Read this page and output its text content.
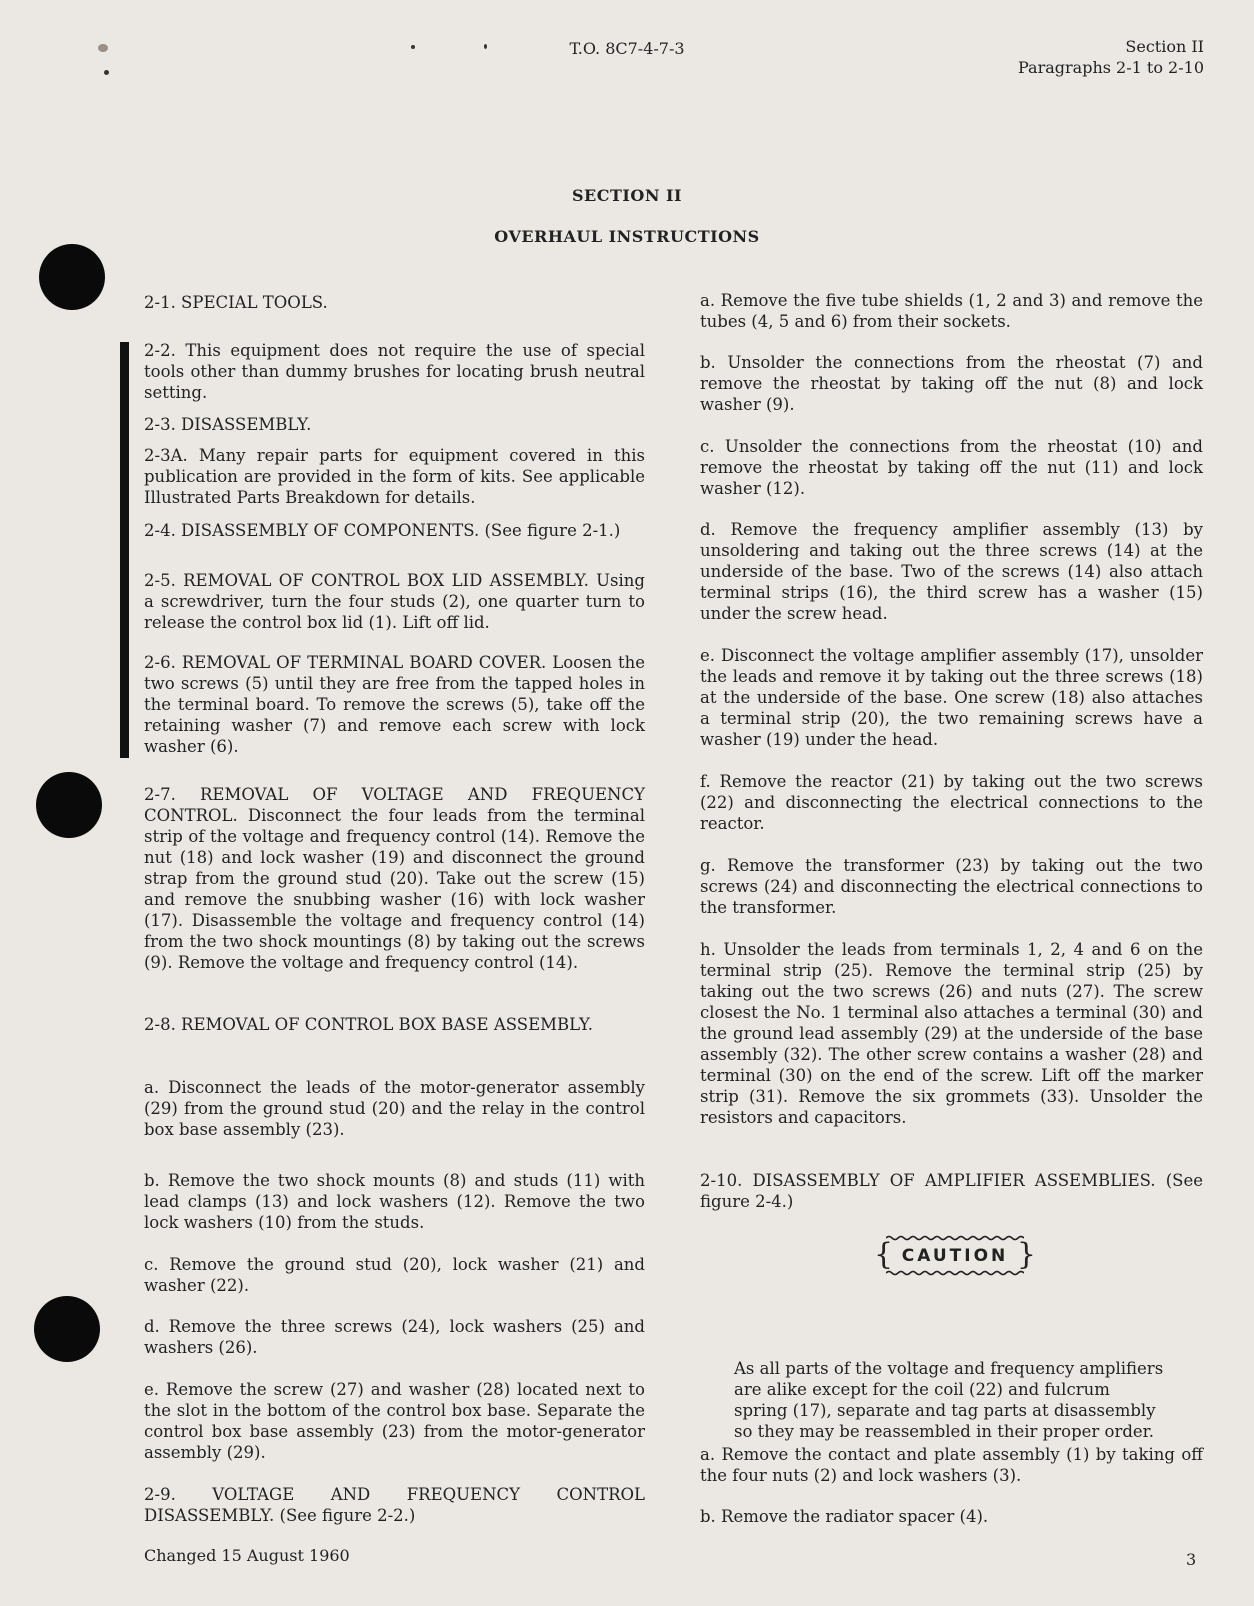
T.O. 8C7-4-7-3	Section II
Paragraphs 2-1 to 2-10
SECTION II
OVERHAUL INSTRUCTIONS

2-1. SPECIAL TOOLS.

2-2. This equipment does not require the use of special tools other than dummy brushes for locating brush neutral setting.

2-3. DISASSEMBLY.

2-3A. Many repair parts for equipment covered in this publication are provided in the form of kits. See applicable Illustrated Parts Breakdown for details.

2-4. DISASSEMBLY OF COMPONENTS. (See figure 2-1.)

2-5. REMOVAL OF CONTROL BOX LID ASSEMBLY. Using a screwdriver, turn the four studs (2), one quarter turn to release the control box lid (1). Lift off lid.

2-6. REMOVAL OF TERMINAL BOARD COVER. Loosen the two screws (5) until they are free from the tapped holes in the terminal board. To remove the screws (5), take off the retaining washer (7) and remove each screw with lock washer (6).

2-7. REMOVAL OF VOLTAGE AND FREQUENCY CONTROL. Disconnect the four leads from the terminal strip of the voltage and frequency control (14). Remove the nut (18) and lock washer (19) and disconnect the ground strap from the ground stud (20). Take out the screw (15) and remove the snubbing washer (16) with lock washer (17). Disassemble the voltage and frequency control (14) from the two shock mountings (8) by taking out the screws (9). Remove the voltage and frequency control (14).

2-8. REMOVAL OF CONTROL BOX BASE ASSEMBLY.

a. Disconnect the leads of the motor-generator assembly (29) from the ground stud (20) and the relay in the control box base assembly (23).

b. Remove the two shock mounts (8) and studs (11) with lead clamps (13) and lock washers (12). Remove the two lock washers (10) from the studs.

c. Remove the ground stud (20), lock washer (21) and washer (22).

d. Remove the three screws (24), lock washers (25) and washers (26).

e. Remove the screw (27) and washer (28) located next to the slot in the bottom of the control box base. Separate the control box base assembly (23) from the motor-generator assembly (29).

2-9. VOLTAGE AND FREQUENCY CONTROL DISASSEMBLY. (See figure 2-2.)

a. Remove the five tube shields (1, 2 and 3) and remove the tubes (4, 5 and 6) from their sockets.

b. Unsolder the connections from the rheostat (7) and remove the rheostat by taking off the nut (8) and lock washer (9).

c. Unsolder the connections from the rheostat (10) and remove the rheostat by taking off the nut (11) and lock washer (12).

d. Remove the frequency amplifier assembly (13) by unsoldering and taking out the three screws (14) at the underside of the base. Two of the screws (14) also attach terminal strips (16), the third screw has a washer (15) under the screw head.

e. Disconnect the voltage amplifier assembly (17), unsolder the leads and remove it by taking out the three screws (18) at the underside of the base. One screw (18) also attaches a terminal strip (20), the two remaining screws have a washer (19) under the head.

f. Remove the reactor (21) by taking out the two screws (22) and disconnecting the electrical connections to the reactor.

g. Remove the transformer (23) by taking out the two screws (24) and disconnecting the electrical connections to the transformer.

h. Unsolder the leads from terminals 1, 2, 4 and 6 on the terminal strip (25). Remove the terminal strip (25) by taking out the two screws (26) and nuts (27). The screw closest the No. 1 terminal also attaches a terminal (30) and the ground lead assembly (29) at the underside of the base assembly (32). The other screw contains a washer (28) and terminal (30) on the end of the screw. Lift off the marker strip (31). Remove the six grommets (33). Unsolder the resistors and capacitors.

2-10. DISASSEMBLY OF AMPLIFIER ASSEMBLIES. (See figure 2-4.)

As all parts of the voltage and frequency amplifiers are alike except for the coil (22) and fulcrum spring (17), separate and tag parts at disassembly so they may be reassembled in their proper order.

a. Remove the contact and plate assembly (1) by taking off the four nuts (2) and lock washers (3).

b. Remove the radiator spacer (4).

{ CAUTION }
Changed 15 August 1960	3
